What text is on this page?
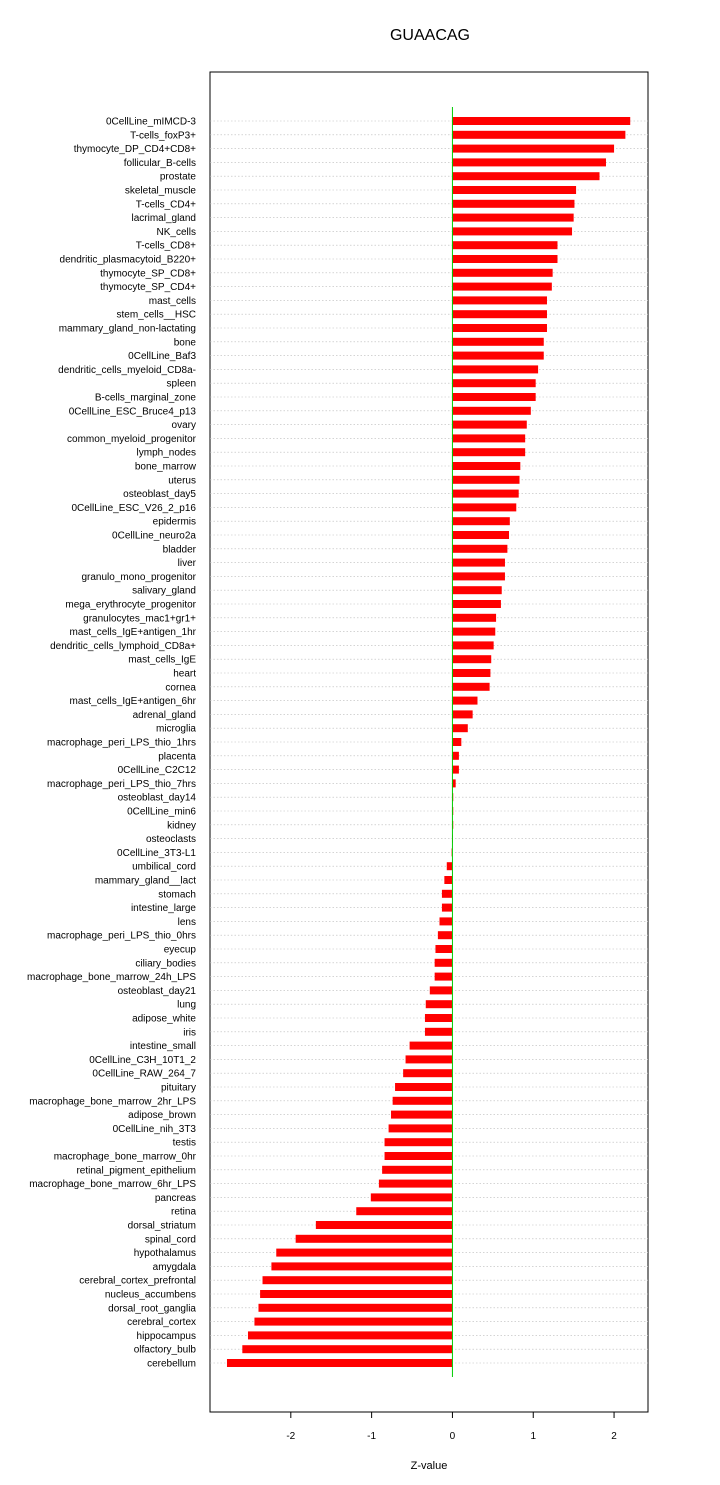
GUAACAG
0CellLine_mIMCD-3
T-cells_foxP3+
thymocyte_DP_CD4+CD8+
follicular_B-cells
prostate
skeletal_muscle
T-cells_CD4+
lacrimal_gland
NK_cells
T-cells_CD8+
dendritic_plasmacytoid_B220+
thymocyte_SP_CD8+
thymocyte_SP_CD4+
mast_cells
stem_cells__HSC
mammary_gland_non-lactating
bone
0CellLine_Baf3
dendritic_cells_myeloid_CD8a-
spleen
B-cells_marginal_zone
0CellLine_ESC_Bruce4_p13
ovary
common_myeloid_progenitor
lymph_nodes
bone_marrow
uterus
osteoblast_day5
0CellLine_ESC_V26_2_p16
epidermis
0CellLine_neuro2a
bladder
liver
granulo_mono_progenitor
salivary_gland
mega_erythrocyte_progenitor
granulocytes_mac1+gr1+
mast_cells_IgE+antigen_1hr
dendritic_cells_lymphoid_CD8a+
mast_cells_IgE
heart
cornea
mast_cells_IgE+antigen_6hr
adrenal_gland
microglia
macrophage_peri_LPS_thio_1hrs
placenta
0CellLine_C2C12
macrophage_peri_LPS_thio_7hrs
osteoblast_day14
0CellLine_min6
kidney
osteoclasts
0CellLine_3T3-L1
umbilical_cord
mammary_gland__lact
stomach
intestine_large
lens
macrophage_peri_LPS_thio_0hrs
eyecup
ciliary_bodies
macrophage_bone_marrow_24h_LPS
osteoblast_day21
lung
adipose_white
iris
intestine_small
0CellLine_C3H_10T1_2
0CellLine_RAW_264_7
pituitary
macrophage_bone_marrow_2hr_LPS
adipose_brown
0CellLine_nih_3T3
testis
macrophage_bone_marrow_0hr
retinal_pigment_epithelium
macrophage_bone_marrow_6hr_LPS
pancreas
retina
dorsal_striatum
spinal_cord
hypothalamus
amygdala
cerebral_cortex_prefrontal
nucleus_accumbens
dorsal_root_ganglia
cerebral_cortex
hippocampus
olfactory_bulb
cerebellum
-2	-1	0	1	2
Z-value
